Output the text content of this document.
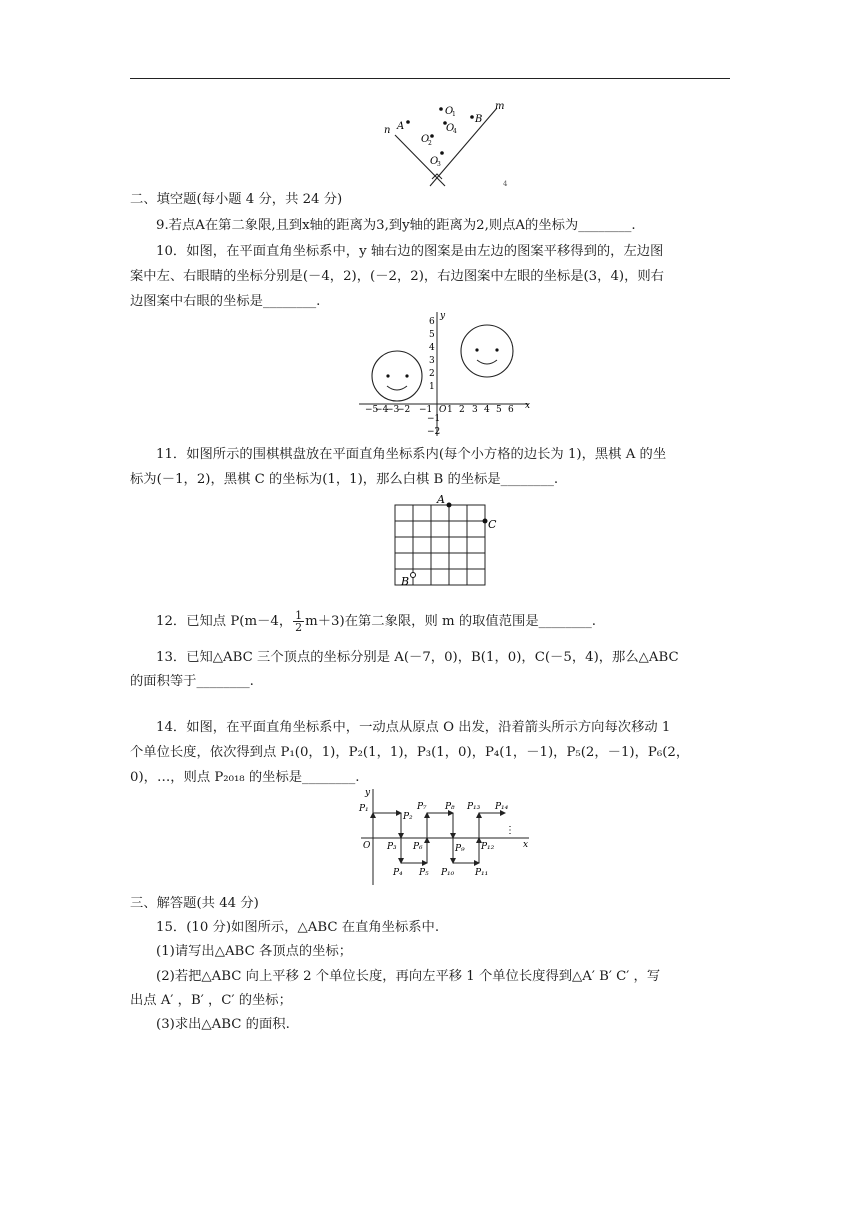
n
m
A
O
1
O
4
O
2
B
O
3
4
二、填空题(每小题 4 分，共 24 分)
9.若点A在第二象限,且到x轴的距离为3,到y轴的距离为2,则点A的坐标为________.
10．如图，在平面直角坐标系中，y 轴右边的图案是由左边的图案平移得到的，左边图
案中左、右眼睛的坐标分别是(－4，2)，(－2，2)，右边图案中左眼的坐标是(3，4)，则右
边图案中右眼的坐标是________.
x
y
O
−5
−4
−3
−2 −1 1 2 3 4 5 6
6
5
4
3
2
1
−1
−2
11．如图所示的围棋棋盘放在平面直角坐标系内(每个小方格的边长为 1)，黑棋 A 的坐
标为(－1，2)，黑棋 C 的坐标为(1，1)，那么白棋 B 的坐标是________.
A
C
B
12．已知点 P(m－4， $\frac{1}{2} m+3$)在第二象限，则 m 的取值范围是________.
13．已知△ABC 三个顶点的坐标分别是 A(－7，0)，B(1，0)，C(－5，4)，那么△ABC
的面积等于________.
14．如图，在平面直角坐标系中，一动点从原点 O 出发，沿着箭头所示方向每次移动 1
个单位长度，依次得到点 P₁(0，1)，P₂(1，1)，P₃(1，0)，P₄(1，－1)，P₅(2，－1)，P₆(2，
0)，…，则点 P₂₀₁₈ 的坐标是________.
y
x
O
P₁
P₂
P₃
P₄ P₅
P₆
P₇ P₈
P₉
P₁₀ P₁₁
P₁₂
P₁₃ P₁₄
⋮
三、解答题(共 44 分)
15．(10 分)如图所示，△ABC 在直角坐标系中.
(1)请写出△ABC 各顶点的坐标；
(2)若把△ABC 向上平移 2 个单位长度，再向左平移 1 个单位长度得到△A′ B′ C′ ，写
出点 A′ ，B′ ，C′ 的坐标；
(3)求出△ABC 的面积.
